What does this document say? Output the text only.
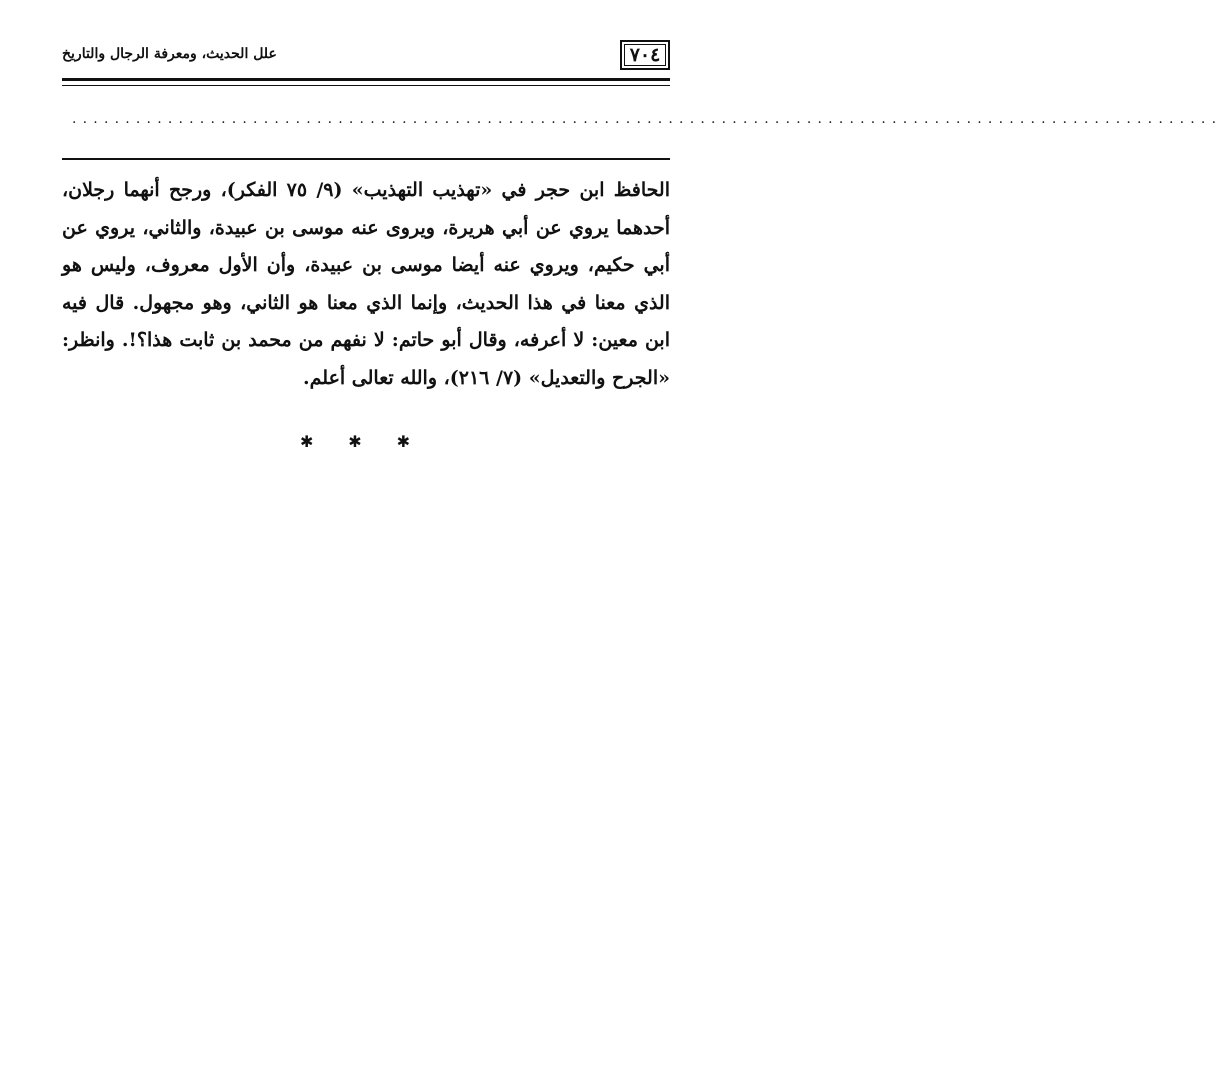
علل الحديث، ومعرفة الرجال والتاريخ	٧٠٤
............................................................................................................

الحافظ ابن حجر في «تهذيب التهذيب» (٩/ ٧٥ الفكر)، ورجح أنهما رجلان، أحدهما يروي عن أبي هريرة، ويروى عنه موسى بن عبيدة، والثاني، يروي عن أبي حكيم، ويروي عنه أيضا موسى بن عبيدة، وأن الأول معروف، وليس هو الذي معنا في هذا الحديث، وإنما الذي معنا هو الثاني، وهو مجهول. قال فيه ابن معين: لا أعرفه، وقال أبو حاتم: لا نفهم من محمد بن ثابت هذا؟!. وانظر: «الجرح والتعديل» (٧/ ٢١٦)، والله تعالى أعلم.

✱ ✱ ✱
